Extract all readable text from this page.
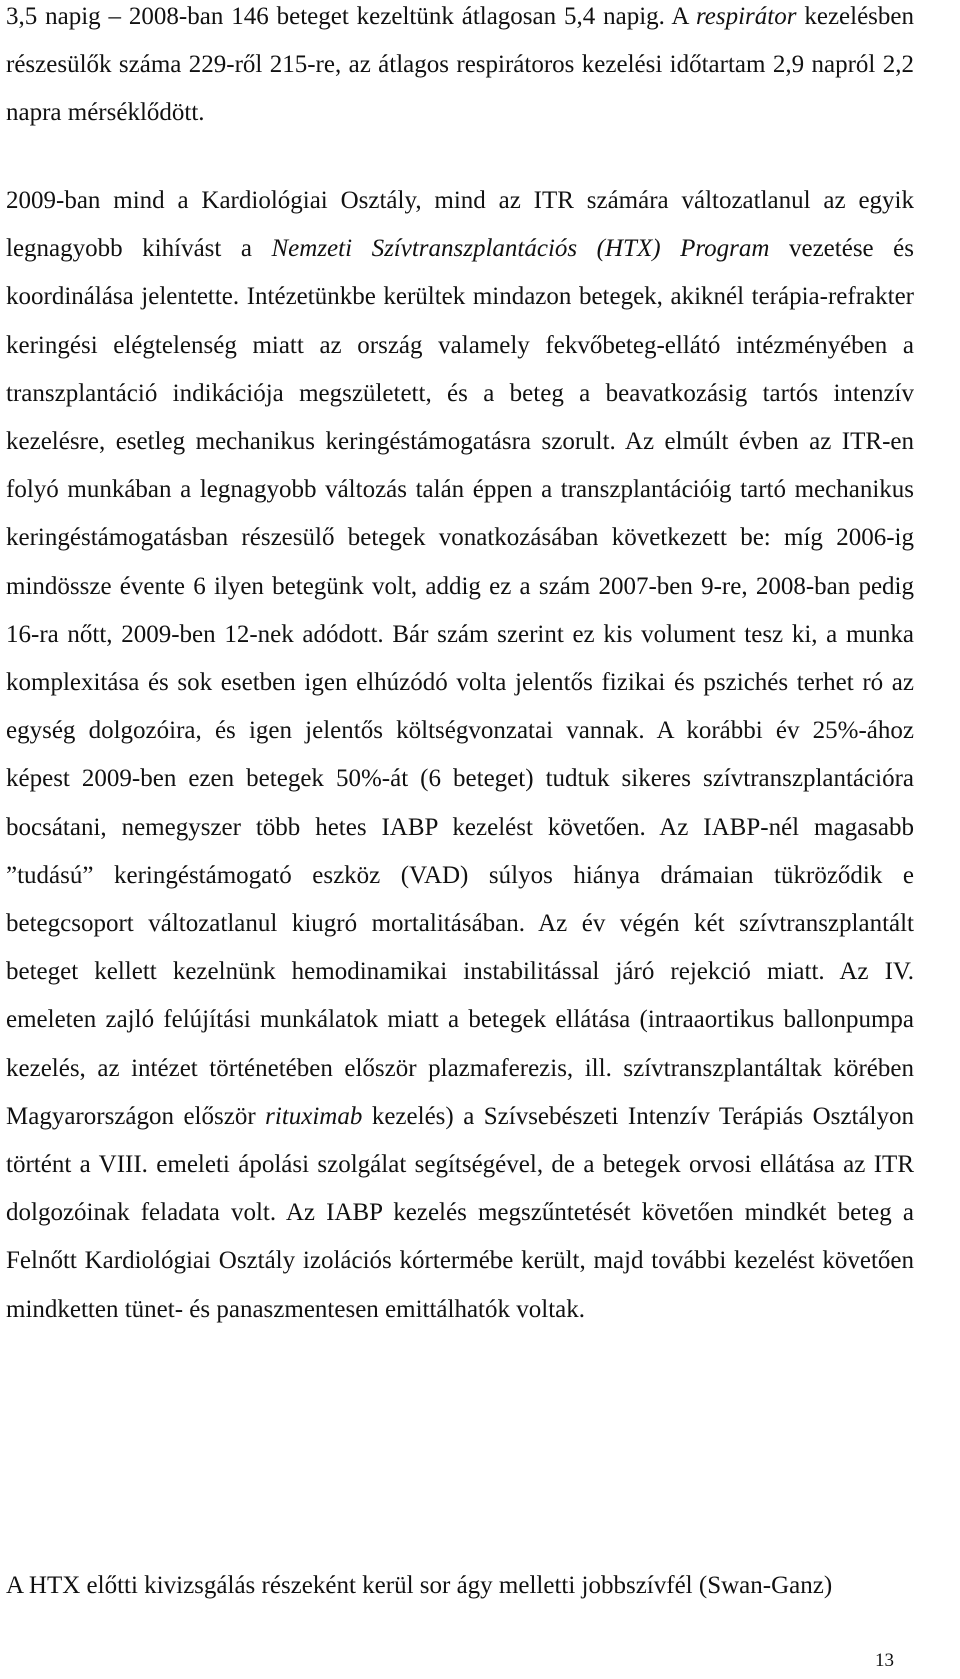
3,5 napig – 2008-ban 146 beteget kezeltünk átlagosan 5,4 napig. A respirátor kezelésben részesülők száma 229-ről 215-re, az átlagos respirátoros kezelési időtartam 2,9 napról 2,2 napra mérséklődött.

2009-ban mind a Kardiológiai Osztály, mind az ITR számára változatlanul az egyik legnagyobb kihívást a Nemzeti Szívtranszplantációs (HTX) Program vezetése és koordinálása jelentette. Intézetünkbe kerültek mindazon betegek, akiknél terápia-refrakter keringési elégtelenség miatt az ország valamely fekvőbeteg-ellátó intézményében a transzplantáció indikációja megszületett, és a beteg a beavatkozásig tartós intenzív kezelésre, esetleg mechanikus keringéstámogatásra szorult. Az elmúlt évben az ITR-en folyó munkában a legnagyobb változás talán éppen a transzplantációig tartó mechanikus keringéstámogatásban részesülő betegek vonatkozásában következett be: míg 2006-ig mindössze évente 6 ilyen betegünk volt, addig ez a szám 2007-ben 9-re, 2008-ban pedig 16-ra nőtt, 2009-ben 12-nek adódott. Bár szám szerint ez kis volument tesz ki, a munka komplexitása és sok esetben igen elhúzódó volta jelentős fizikai és pszichés terhet ró az egység dolgozóira, és igen jelentős költségvonzatai vannak. A korábbi év 25%-ához képest 2009-ben ezen betegek 50%-át (6 beteget) tudtuk sikeres szívtranszplantációra bocsátani, nemegyszer több hetes IABP kezelést követően. Az IABP-nél magasabb ”tudású” keringéstámogató eszköz (VAD) súlyos hiánya drámaian tükröződik e betegcsoport változatlanul kiugró mortalitásában. Az év végén két szívtranszplantált beteget kellett kezelnünk hemodinamikai instabilitással járó rejekció miatt. Az IV. emeleten zajló felújítási munkálatok miatt a betegek ellátása (intraaortikus ballonpumpa kezelés, az intézet történetében először plazmaferezis, ill. szívtranszplantáltak körében Magyarországon először rituximab kezelés) a Szívsebészeti Intenzív Terápiás Osztályon történt a VIII. emeleti ápolási szolgálat segítségével, de a betegek orvosi ellátása az ITR dolgozóinak feladata volt. Az IABP kezelés megszűntetését követően mindkét beteg a Felnőtt Kardiológiai Osztály izolációs kórtermébe került, majd további kezelést követően mindketten tünet- és panaszmentesen emittálhatók voltak.

A HTX előtti kivizsgálás részeként kerül sor ágy melletti jobbszívfél (Swan-Ganz)

13
